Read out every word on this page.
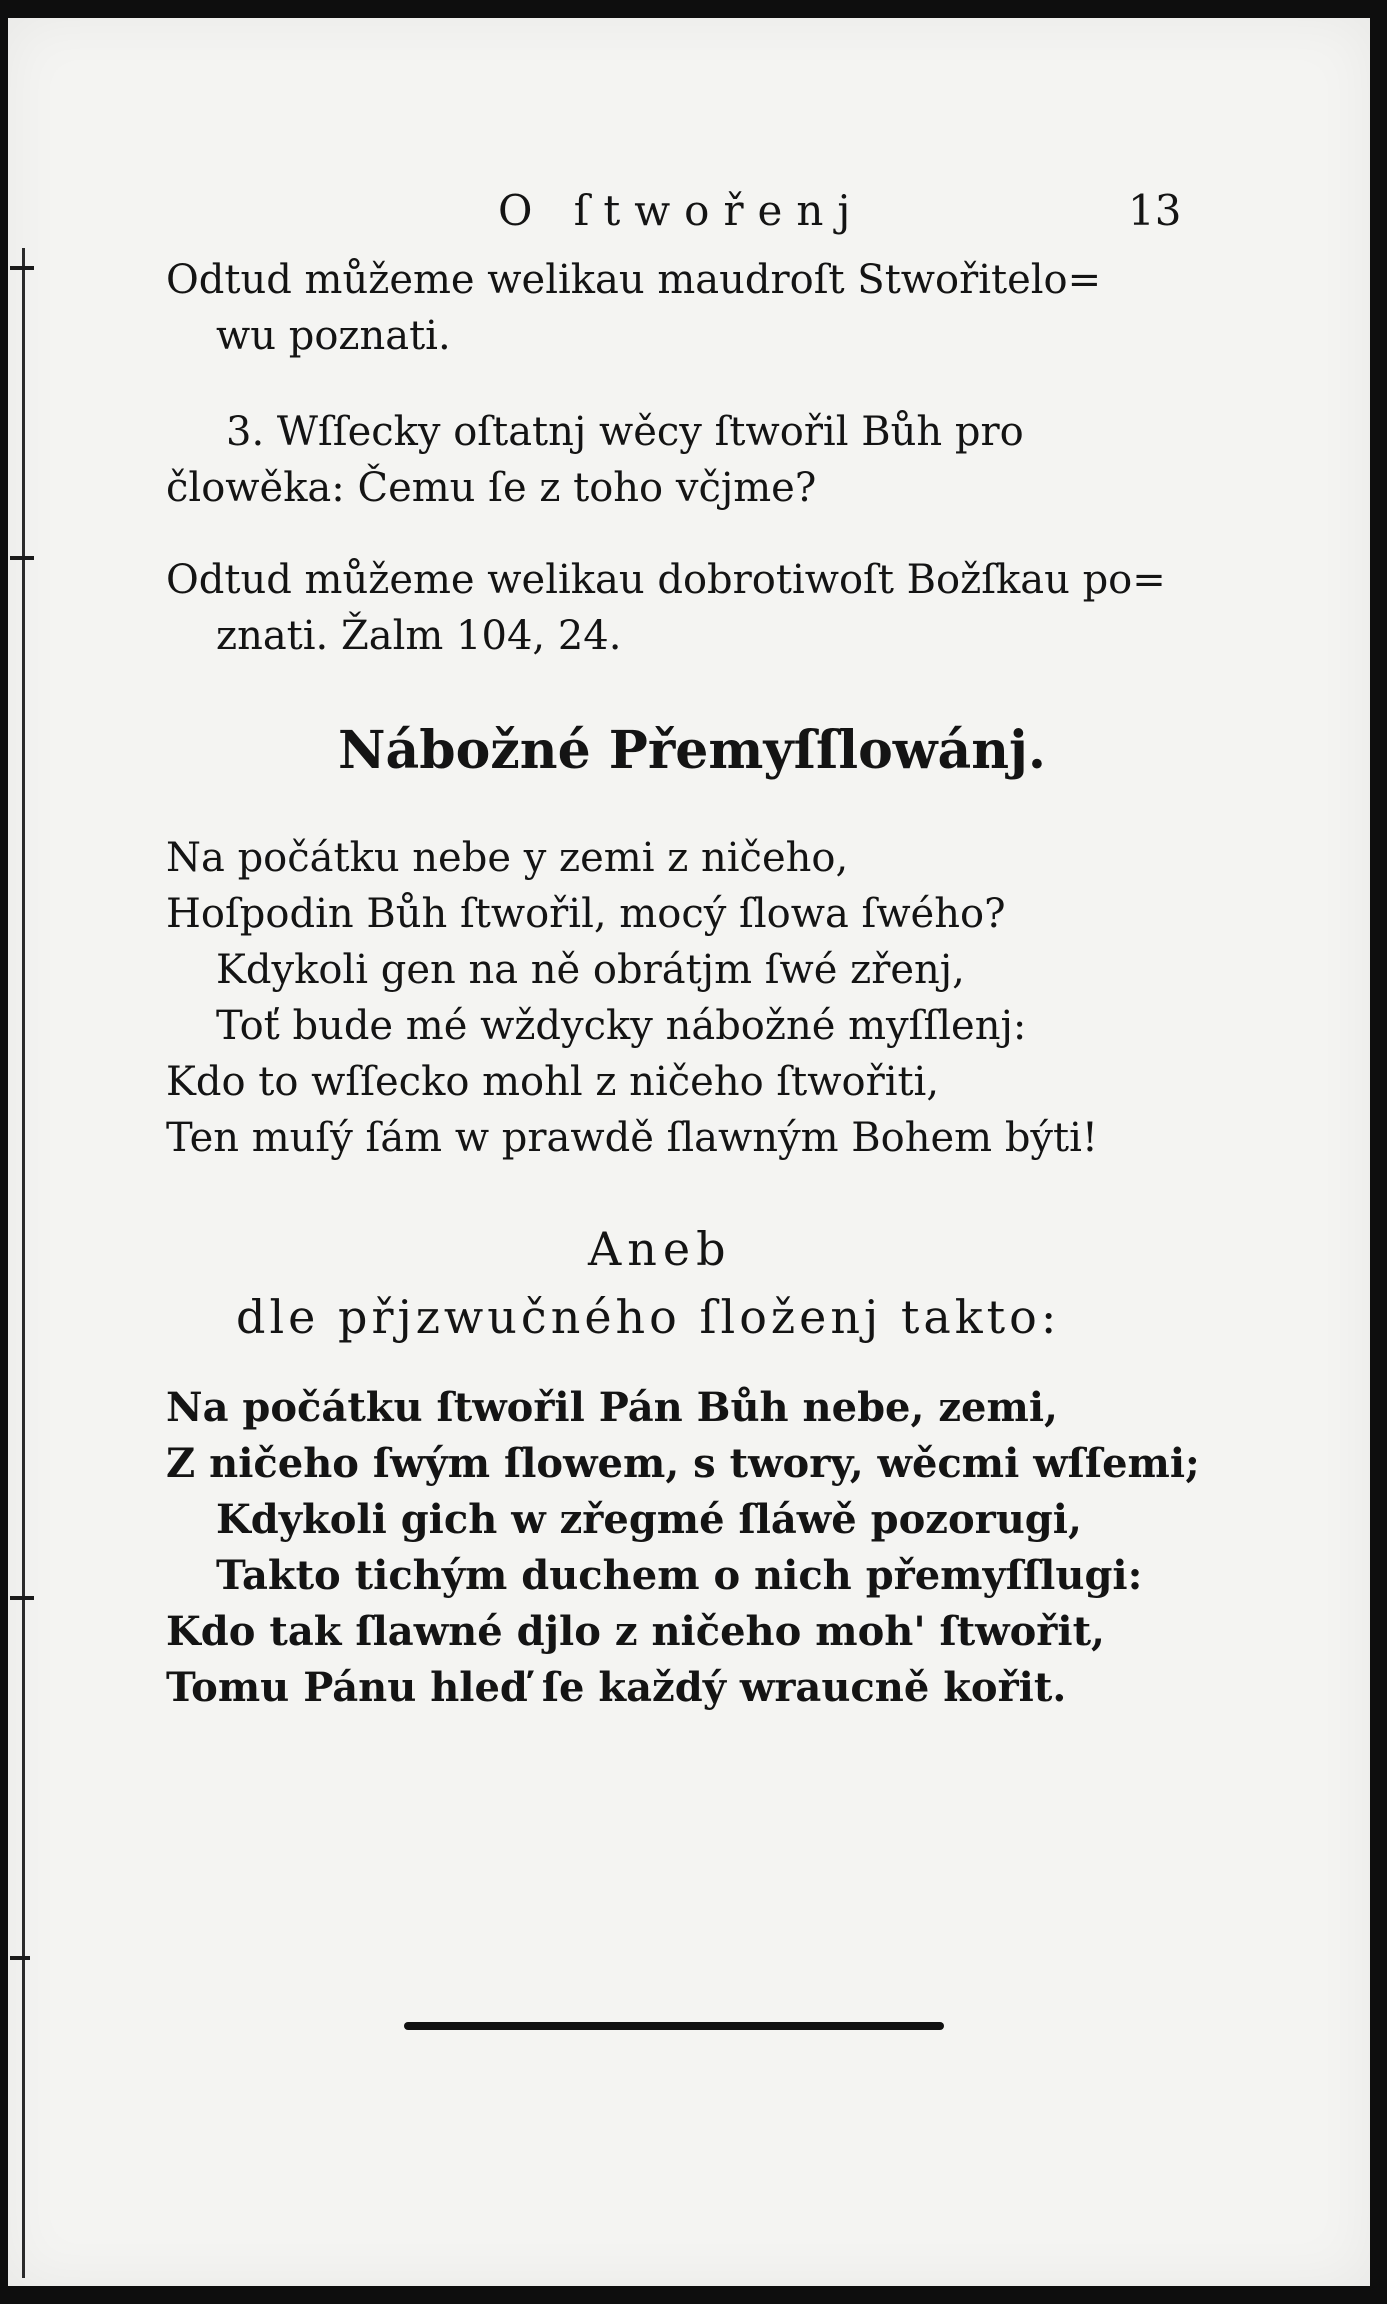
O ſtwořenj	13
Odtud můžeme welikau maudroſt Stwořitelo=
wu poznati.
3. Wſſecky oſtatnj wěcy ſtwořil Bůh pro
člowěka: Čemu ſe z toho včjme?
Odtud můžeme welikau dobrotiwoſt Božſkau po=
znati. Žalm 104, 24.
Nábožné Přemyſſlowánj.
Na počátku nebe y zemi z ničeho,
Hoſpodin Bůh ſtwořil, mocý ſlowa ſwého?
Kdykoli gen na ně obrátjm ſwé zřenj,
Toť bude mé wždycky nábožné myſſlenj:
Kdo to wſſecko mohl z ničeho ſtwořiti,
Ten muſý ſám w prawdě ſlawným Bohem býti!
Aneb
dle přjzwučného ſloženj takto:
Na počátku ſtwořil Pán Bůh nebe, zemi,
Z ničeho ſwým ſlowem, s twory, wěcmi wſſemi;
Kdykoli gich w zřegmé ſláwě pozorugi,
Takto tichým duchem o nich přemyſſlugi:
Kdo tak ſlawné djlo z ničeho moh' ſtwořit,
Tomu Pánu hleď ſe každý wraucně kořit.
